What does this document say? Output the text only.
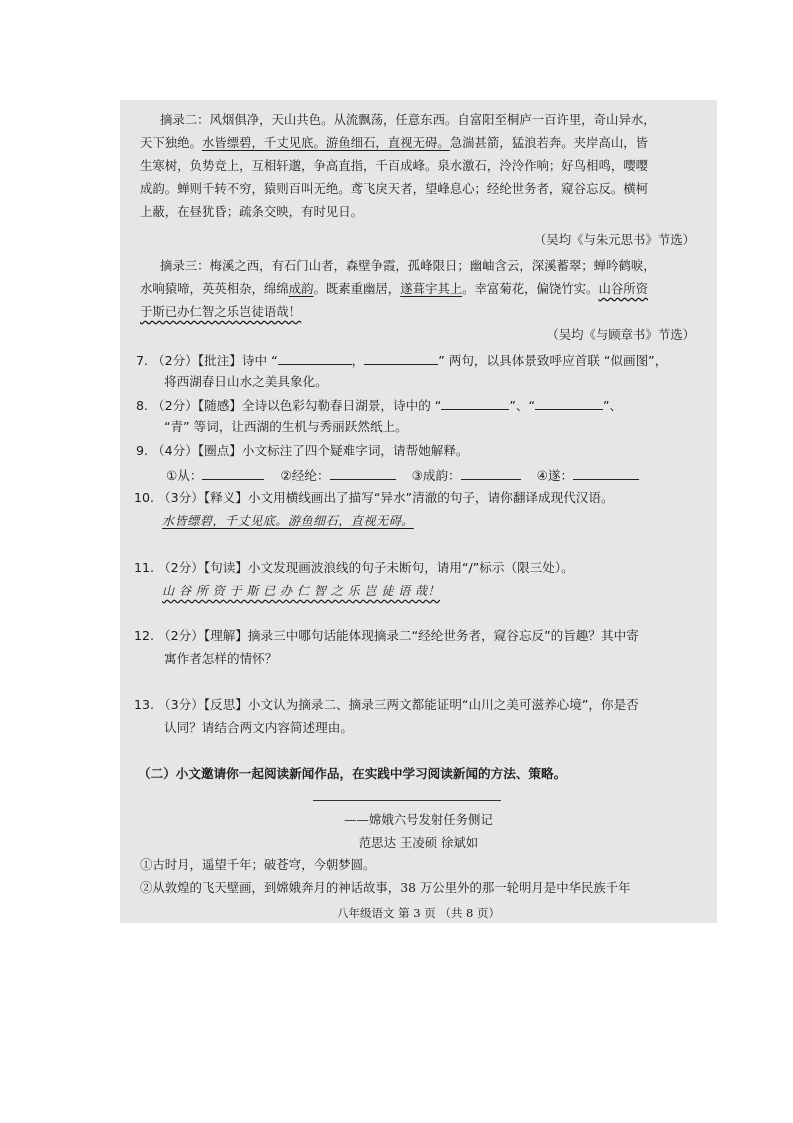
摘录二：风烟俱净，天山共色。从流飘荡，任意东西。自富阳至桐庐一百许里，奇山异水，
天下独绝。水皆缥碧，千丈见底。游鱼细石，直视无碍。急湍甚箭，猛浪若奔。夹岸高山，皆
生寒树，负势竞上，互相轩邈，争高直指，千百成峰。泉水激石，泠泠作响；好鸟相鸣，嘤嘤
成韵。蝉则千转不穷，猿则百叫无绝。鸢飞戾天者，望峰息心；经纶世务者，窥谷忘反。横柯
上蔽，在昼犹昏；疏条交映，有时见日。
（吴均《与朱元思书》节选）
摘录三：梅溪之西，有石门山者，森壁争霞，孤峰限日；幽岫含云，深溪蓄翠；蝉吟鹤唳，
水响猿啼，英英相杂，绵绵成韵。既素重幽居，遂葺宇其上。幸富菊花，偏饶竹实。山谷所资
于斯已办仁智之乐岂徒语哉！
（吴均《与顾章书》节选）
7. （2分）【批注】诗中 “	，	” 两句，以具体景致呼应首联 “似画图”，
将西湖春日山水之美具象化。
8. （2分）【随感】全诗以色彩勾勒春日湖景，诗中的 “	”、“	”、
“青” 等词，让西湖的生机与秀丽跃然纸上。
9. （4分）【圈点】小文标注了四个疑难字词，请帮她解释。
①从：	②经纶：	③成韵：	④遂：
10. （3分）【释义】小文用横线画出了描写“异水”清澈的句子，请你翻译成现代汉语。
水皆缥碧，千丈见底。游鱼细石，直视无碍。
11. （2分）【句读】小文发现画波浪线的句子未断句，请用“/”标示（限三处）。
山 谷 所 资 于 斯 已 办 仁 智 之 乐 岂 徒 语 哉！
12. （2分）【理解】摘录三中哪句话能体现摘录二“经纶世务者，窥谷忘反”的旨趣？其中寄
寓作者怎样的情怀？
13. （3分）【反思】小文认为摘录二、摘录三两文都能证明“山川之美可滋养心境”，你是否
认同？请结合两文内容简述理由。
（二）小文邀请你一起阅读新闻作品，在实践中学习阅读新闻的方法、策略。
——嫦娥六号发射任务侧记
范思达 王凌硕 徐斌如
①古时月，遥望千年；破苍穹，今朝梦圆。
②从敦煌的飞天壁画，到嫦娥奔月的神话故事，38 万公里外的那一轮明月是中华民族千年
八年级语文 第 3 页 （共 8 页）
